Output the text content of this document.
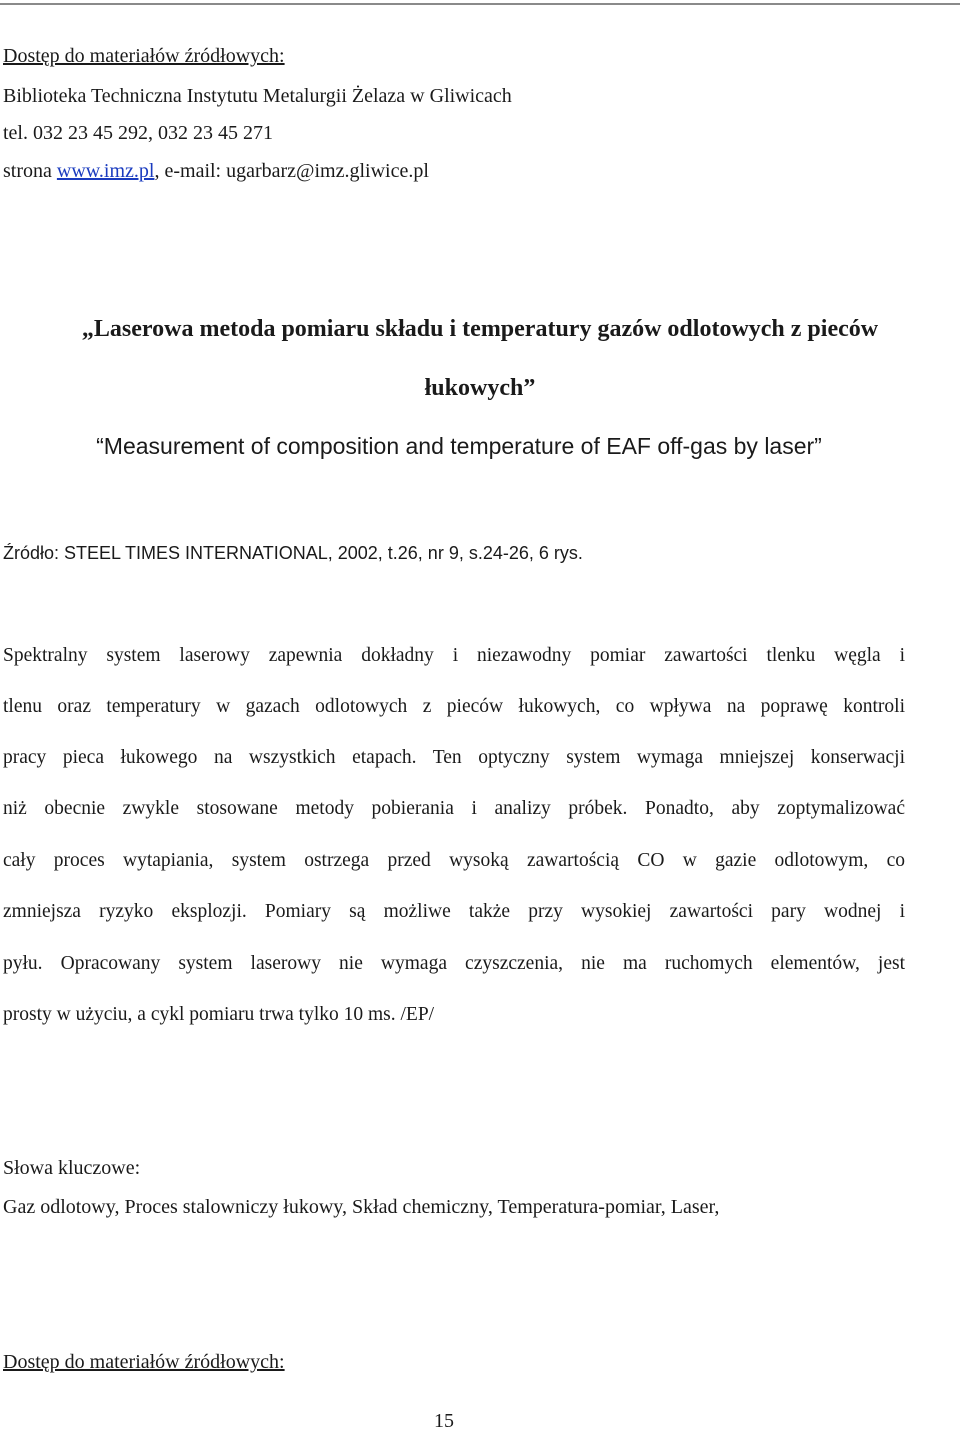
Dostęp do materiałów źródłowych:
Biblioteka Techniczna Instytutu Metalurgii Żelaza w Gliwicach
tel. 032 23 45 292, 032 23 45 271
strona www.imz.pl, e-mail: ugarbarz@imz.gliwice.pl
„Laserowa metoda pomiaru składu i temperatury gazów odlotowych z pieców
łukowych”
“Measurement of composition and temperature of EAF off-gas by laser”
Źródło: STEEL TIMES INTERNATIONAL, 2002, t.26, nr 9, s.24-26, 6 rys.
Spektralny system laserowy zapewnia dokładny i niezawodny pomiar zawartości tlenku węgla i
tlenu oraz temperatury w gazach odlotowych z pieców łukowych, co wpływa na poprawę kontroli
pracy pieca łukowego na wszystkich etapach. Ten optyczny system wymaga mniejszej konserwacji
niż obecnie zwykle stosowane metody pobierania i analizy próbek. Ponadto, aby zoptymalizować
cały proces wytapiania, system ostrzega przed wysoką zawartością CO w gazie odlotowym, co
zmniejsza ryzyko eksplozji. Pomiary są możliwe także przy wysokiej zawartości pary wodnej i
pyłu. Opracowany system laserowy nie wymaga czyszczenia, nie ma ruchomych elementów, jest
prosty w użyciu, a cykl pomiaru trwa tylko 10 ms. /EP/
Słowa kluczowe:
Gaz odlotowy, Proces stalowniczy łukowy, Skład chemiczny, Temperatura-pomiar, Laser,
Dostęp do materiałów źródłowych:
15
